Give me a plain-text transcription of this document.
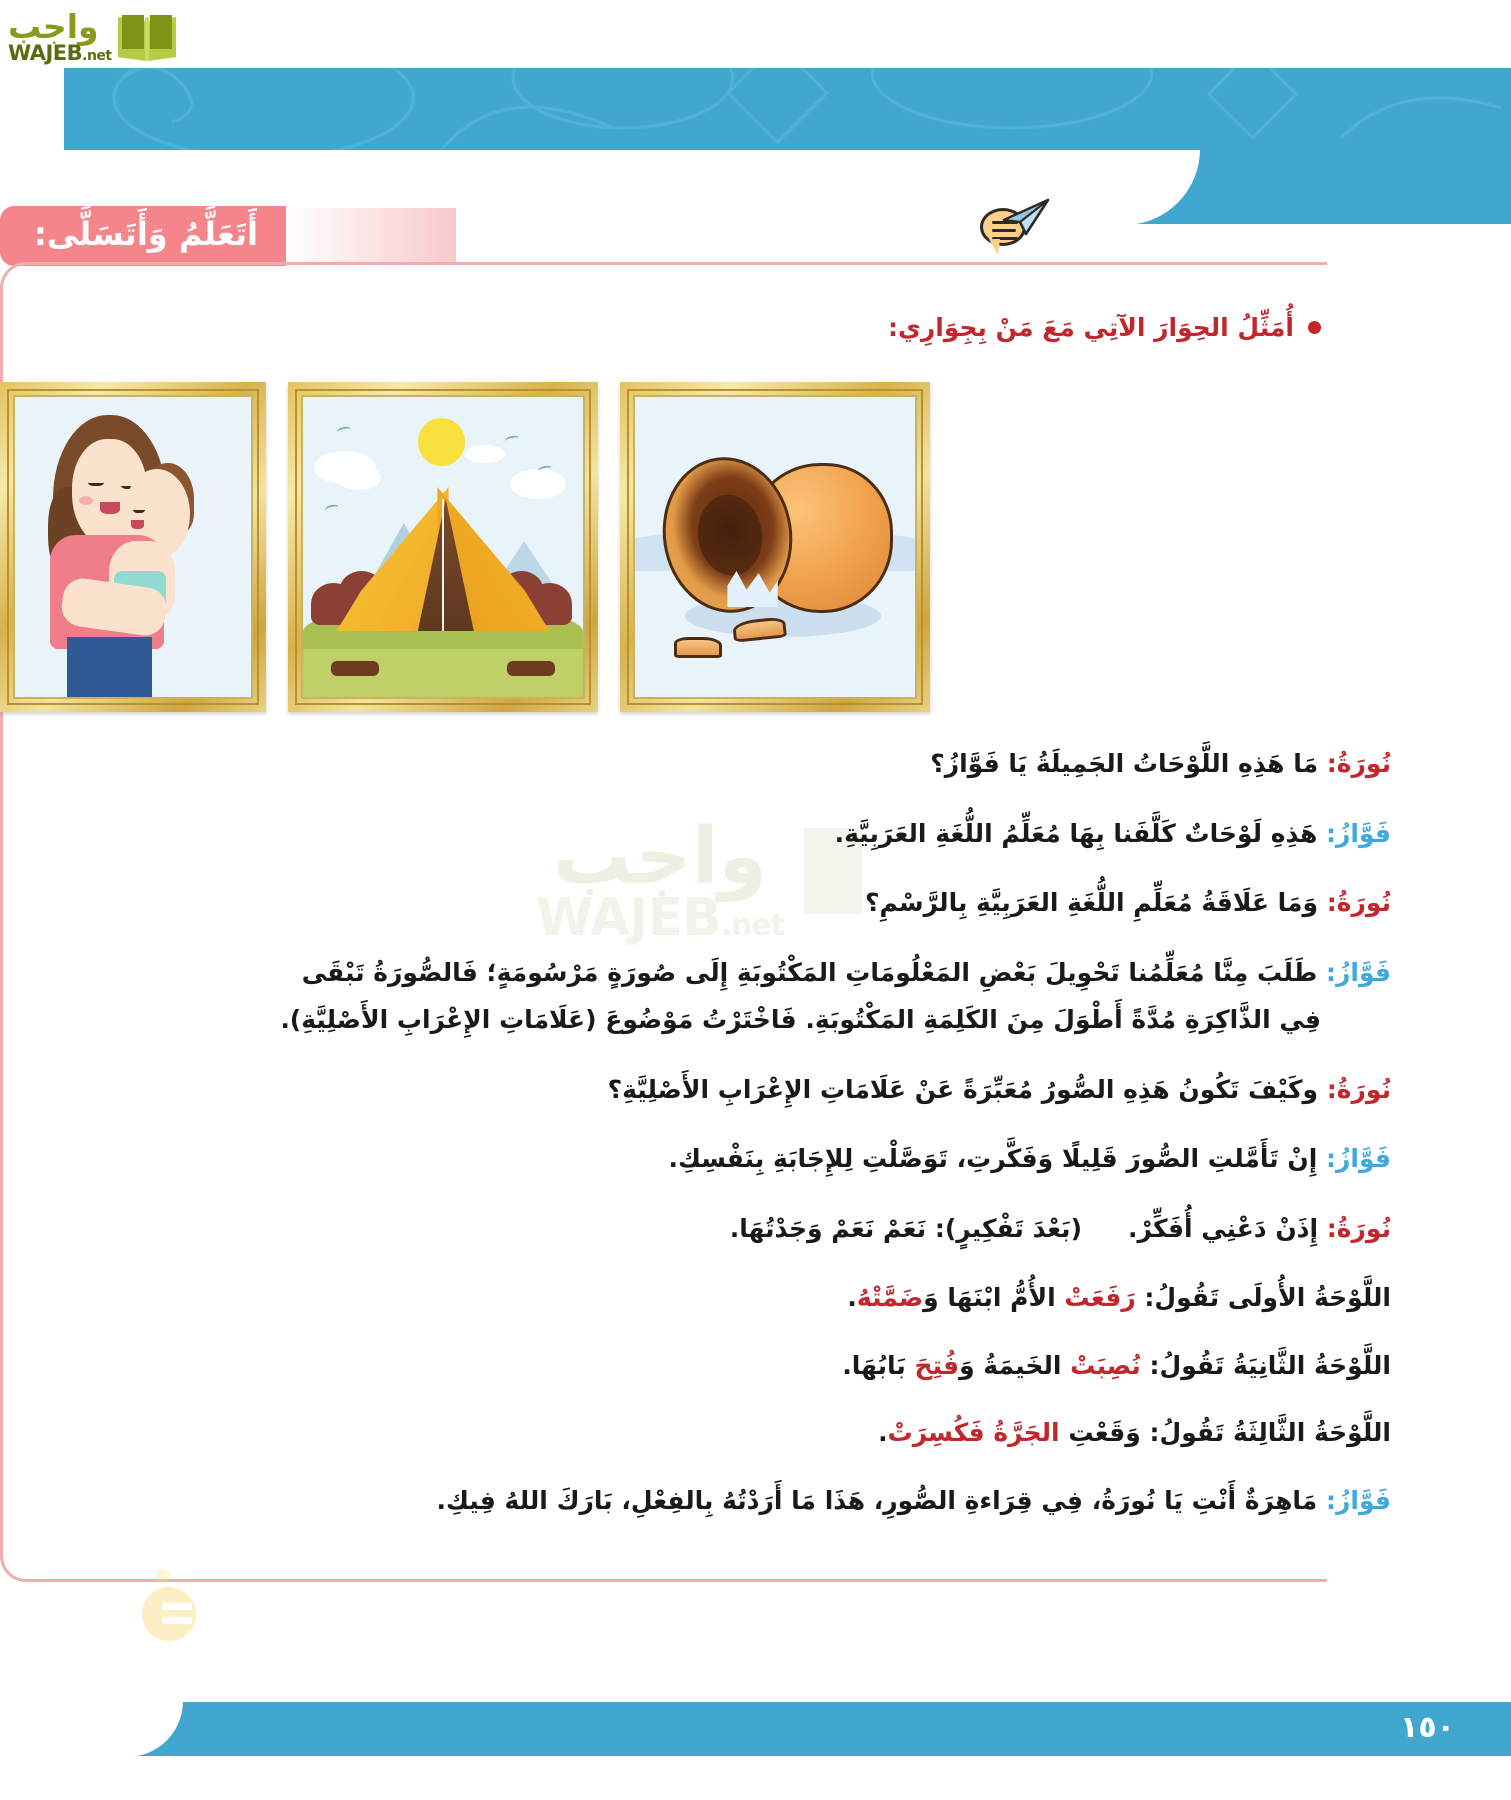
واجب
WAJEB.net
أَتَعَلَّمُ وَأَتَسَلَّى:
أُمَثِّلُ الحِوَارَ الآتِي مَعَ مَنْ بِجِوَارِي:
واجب
WAJEB.net
نُورَةُ: مَا هَذِهِ اللَّوْحَاتُ الجَمِيلَةُ يَا فَوَّازُ؟
فَوَّازُ: هَذِهِ لَوْحَاتٌ كَلَّفَنا بِهَا مُعَلِّمُ اللُّغَةِ العَرَبِيَّةِ.
نُورَةُ: وَمَا عَلَاقَةُ مُعَلِّمِ اللُّغَةِ العَرَبِيَّةِ بِالرَّسْمِ؟
فَوَّازُ: طَلَبَ مِنَّا مُعَلِّمُنا تَحْوِيلَ بَعْضِ المَعْلُومَاتِ المَكْتُوبَةِ إِلَى صُورَةٍ مَرْسُومَةٍ؛ فَالصُّورَةُ تَبْقَى
فِي الذَّاكِرَةِ مُدَّةً أَطْوَلَ مِنَ الكَلِمَةِ المَكْتُوبَةِ. فَاخْتَرْتُ مَوْضُوعَ (عَلَامَاتِ الإِعْرَابِ الأَصْلِيَّةِ).
نُورَةُ: وكَيْفَ تَكُونُ هَذِهِ الصُّورُ مُعَبِّرَةً عَنْ عَلَامَاتِ الإِعْرَابِ الأَصْلِيَّةِ؟
فَوَّازُ: إِنْ تَأَمَّلتِ الصُّورَ قَلِيلًا وَفَكَّرتِ، تَوَصَّلْتِ لِلإِجَابَةِ بِنَفْسِكِ.
نُورَةُ: إِذَنْ دَعْنِي أُفَكِّرْ.(بَعْدَ تَفْكِيرٍ): نَعَمْ نَعَمْ وَجَدْتُهَا.
اللَّوْحَةُ الأُولَى تَقُولُ: رَفَعَتْ الأُمُّ ابْنَهَا وَضَمَّتْهُ.
اللَّوْحَةُ الثَّانِيَةُ تَقُولُ: نُصِبَتْ الخَيمَةُ وَفُتِحَ بَابُهَا.
اللَّوْحَةُ الثَّالِثَةُ تَقُولُ: وَقَعْتِ الجَرَّةُ فَكُسِرَتْ.
فَوَّازُ: مَاهِرَةٌ أَنْتِ يَا نُورَةُ، فِي قِرَاءةِ الصُّورِ، هَذَا مَا أَرَدْتُهُ بِالفِعْلِ، بَارَكَ اللهُ فِيكِ.
١٥٠
